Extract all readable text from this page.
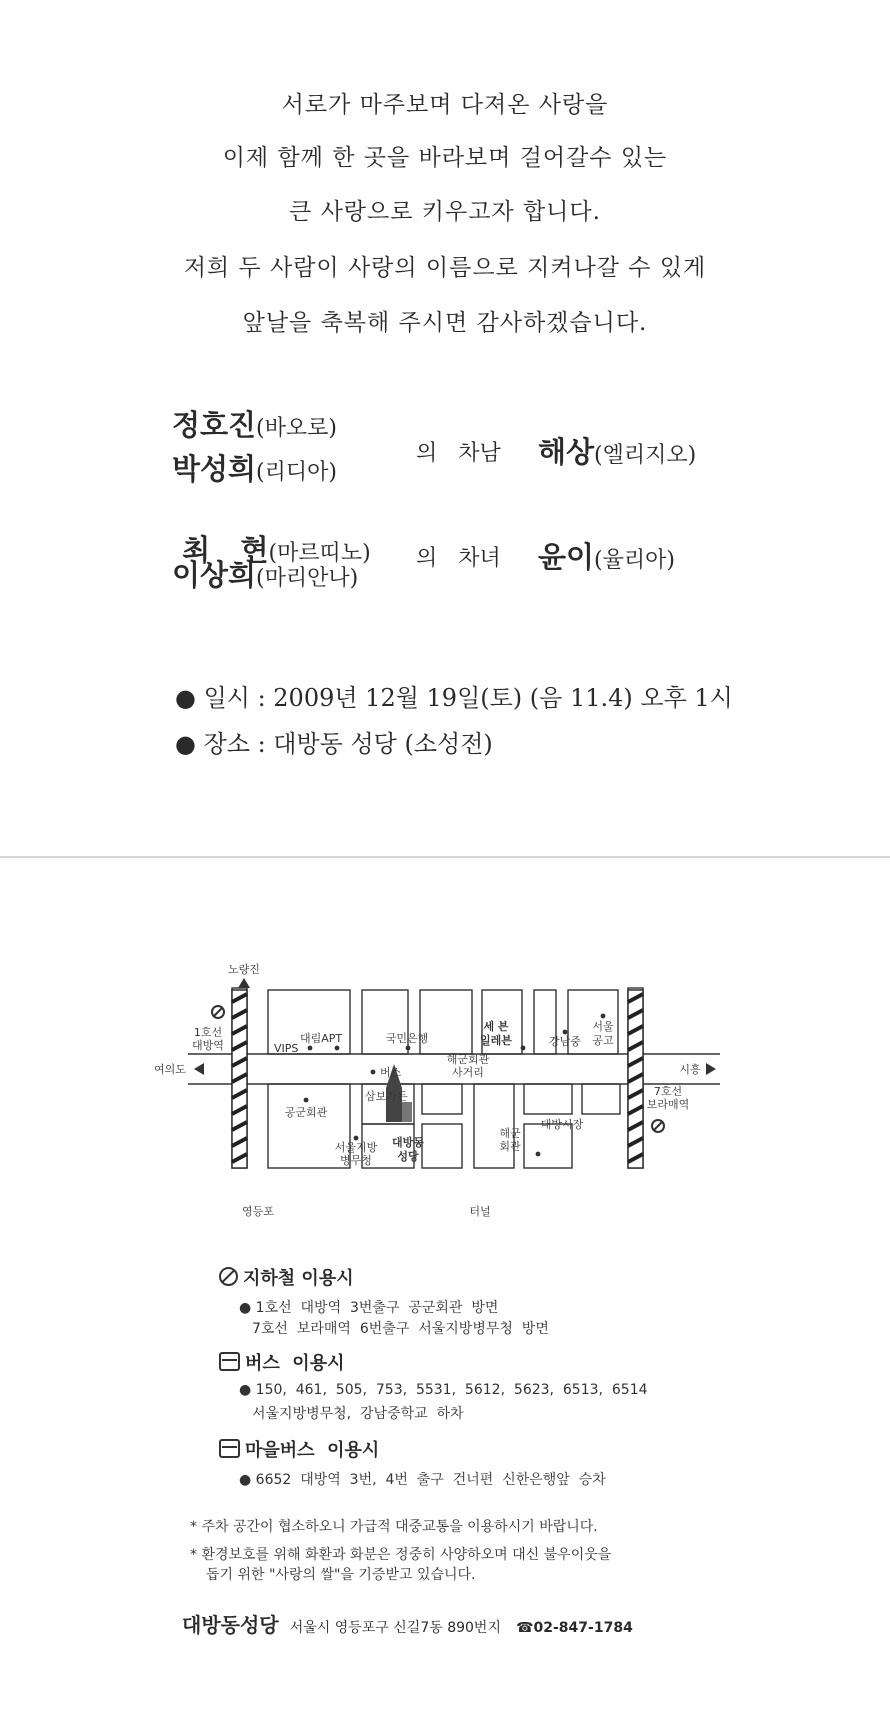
서로가 마주보며 다져온 사랑을
이제 함께 한 곳을 바라보며 걸어갈수 있는
큰 사랑으로 키우고자 합니다.
저희 두 사람이 사랑의 이름으로 지켜나갈 수 있게
앞날을 축복해 주시면 감사하겠습니다.
정호진(바오로)
박성희(리디아)
의   차남 해상(엘리지오)

최   현(마르띠노)

이상희(마리안나)
의   차녀 윤이(율리아)
● 일시 : 2009년 12월 19일(토) (음 11.4) 오후 1시
● 장소 : 대방동 성당 (소성전)
노량진
1호선
대방역
여의도
VIPS
대림APT	국민은행
세 븐
일레븐	강남중
서울
공고
시흥
7호선
보라매역
해군회관
사거리
버스
삼보가든
공군회관
대방시장
서울지방
병무청
대방동
성당
해군
회관
영등포	터널
지하철 이용시
● 1호선  대방역  3번출구  공군회관  방면
7호선  보라매역  6번출구  서울지방병무청  방면
버스  이용시
● 150,  461,  505,  753,  5531,  5612,  5623,  6513,  6514
서울지방병무청,  강남중학교  하차
마을버스  이용시
● 6652  대방역  3번,  4번  출구  건너편  신한은행앞  승차
* 주차 공간이 협소하오니 가급적 대중교통을 이용하시기 바랍니다.
* 환경보호를 위해 화환과 화분은 정중히 사양하오며 대신 불우이웃을
돕기 위한 "사랑의 쌀"을 기증받고 있습니다.
대방동성당 서울시 영등포구 신길7동 890번지 ☎02-847-1784
